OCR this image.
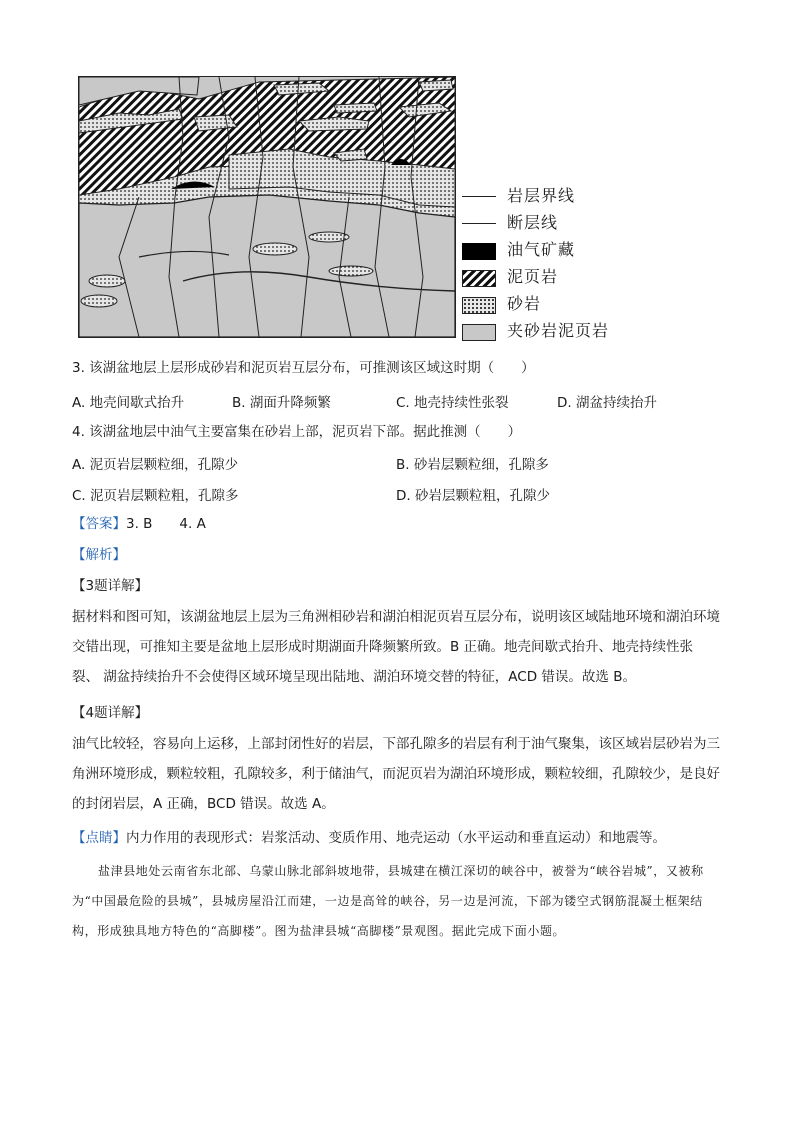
岩层界线
断层线
油气矿藏
泥页岩
砂岩
夹砂岩泥页岩
3. 该湖盆地层上层形成砂岩和泥页岩互层分布，可推测该区域这时期（　　）
A. 地壳间歇式抬升	B. 湖面升降频繁	C. 地壳持续性张裂	D. 湖盆持续抬升
4. 该湖盆地层中油气主要富集在砂岩上部，泥页岩下部。据此推测（　　）
A. 泥页岩层颗粒细，孔隙少	B. 砂岩层颗粒细，孔隙多
C. 泥页岩层颗粒粗，孔隙多	D. 砂岩层颗粒粗，孔隙少
【答案】3. B　　4. A
【解析】
【3题详解】
据材料和图可知，该湖盆地层上层为三角洲相砂岩和湖泊相泥页岩互层分布，说明该区域陆地环境和湖泊环境交错出现，可推知主要是盆地上层形成时期湖面升降频繁所致。B 正确。地壳间歇式抬升、地壳持续性张裂、 湖盆持续抬升不会使得区域环境呈现出陆地、湖泊环境交替的特征，ACD 错误。故选 B。
【4题详解】
油气比较轻，容易向上运移，上部封闭性好的岩层，下部孔隙多的岩层有利于油气聚集，该区域岩层砂岩为三角洲环境形成，颗粒较粗，孔隙较多，利于储油气，而泥页岩为湖泊环境形成，颗粒较细，孔隙较少，是良好的封闭岩层，A 正确，BCD 错误。故选 A。
【点睛】内力作用的表现形式：岩浆活动、变质作用、地壳运动（水平运动和垂直运动）和地震等。
盐津县地处云南省东北部、乌蒙山脉北部斜坡地带，县城建在横江深切的峡谷中，被誉为“峡谷岩城”，又被称为“中国最危险的县城”，县城房屋沿江而建，一边是高耸的峡谷，另一边是河流，下部为镂空式钢筋混凝土框架结构，形成独具地方特色的“高脚楼”。图为盐津县城“高脚楼”景观图。据此完成下面小题。
